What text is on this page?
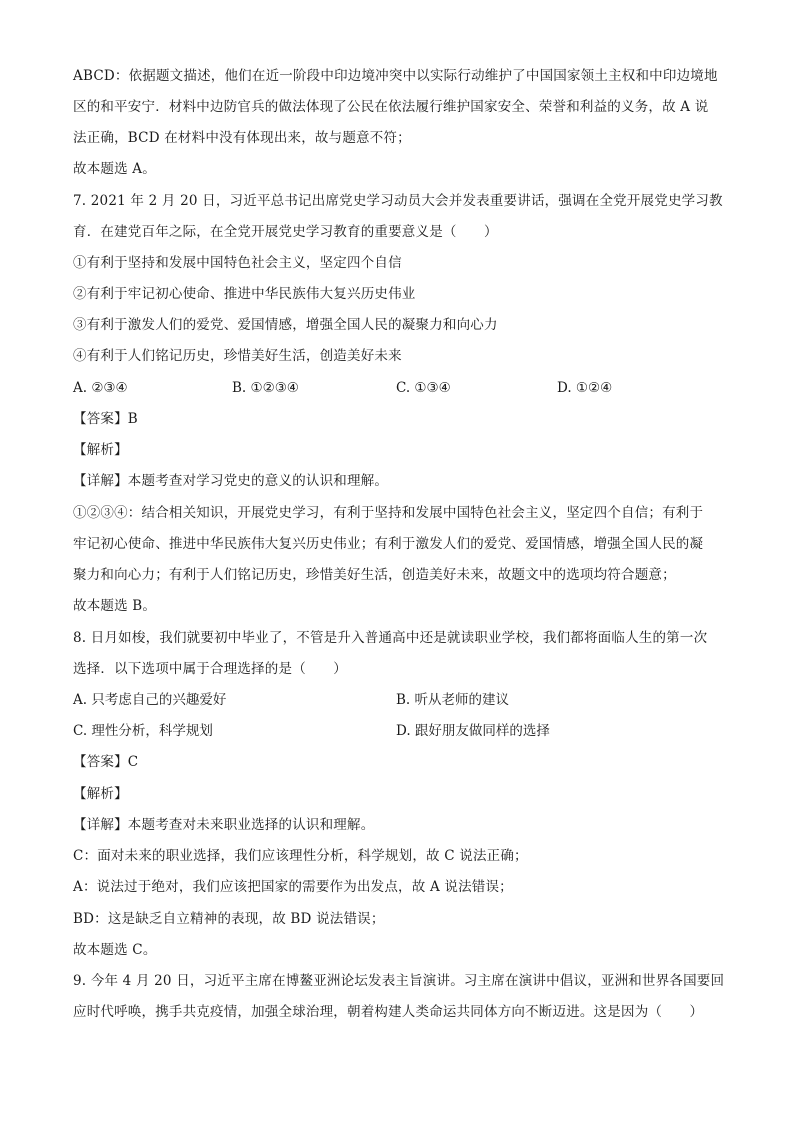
ABCD：依据题文描述，他们在近一阶段中印边境冲突中以实际行动维护了中国国家领土主权和中印边境地
区的和平安宁．材料中边防官兵的做法体现了公民在依法履行维护国家安全、荣誉和利益的义务，故 A 说
法正确，BCD 在材料中没有体现出来，故与题意不符；
故本题选 A。
7. 2021 年 2 月 20 日，习近平总书记出席党史学习动员大会并发表重要讲话，强调在全党开展党史学习教
育．在建党百年之际，在全党开展党史学习教育的重要意义是（　　）
①有利于坚持和发展中国特色社会主义，坚定四个自信
②有利于牢记初心使命、推进中华民族伟大复兴历史伟业
③有利于激发人们的爱党、爱国情感，增强全国人民的凝聚力和向心力
④有利于人们铭记历史，珍惜美好生活，创造美好未来
A. ②③④	B. ①②③④	C. ①③④	D. ①②④
【答案】B
【解析】
【详解】本题考查对学习党史的意义的认识和理解。
①②③④：结合相关知识，开展党史学习，有利于坚持和发展中国特色社会主义，坚定四个自信；有利于
牢记初心使命、推进中华民族伟大复兴历史伟业；有利于激发人们的爱党、爱国情感，增强全国人民的凝
聚力和向心力；有利于人们铭记历史，珍惜美好生活，创造美好未来，故题文中的选项均符合题意；
故本题选 B。
8. 日月如梭，我们就要初中毕业了，不管是升入普通高中还是就读职业学校，我们都将面临人生的第一次
选择．以下选项中属于合理选择的是（　　）
A. 只考虑自己的兴趣爱好	B. 听从老师的建议
C. 理性分析，科学规划	D. 跟好朋友做同样的选择
【答案】C
【解析】
【详解】本题考查对未来职业选择的认识和理解。
C：面对未来的职业选择，我们应该理性分析，科学规划，故 C 说法正确；
A：说法过于绝对，我们应该把国家的需要作为出发点，故 A 说法错误；
BD：这是缺乏自立精神的表现，故 BD 说法错误；
故本题选 C。
9. 今年 4 月 20 日，习近平主席在博鳌亚洲论坛发表主旨演讲。习主席在演讲中倡议，亚洲和世界各国要回
应时代呼唤，携手共克疫情，加强全球治理，朝着构建人类命运共同体方向不断迈进。这是因为（　　）
